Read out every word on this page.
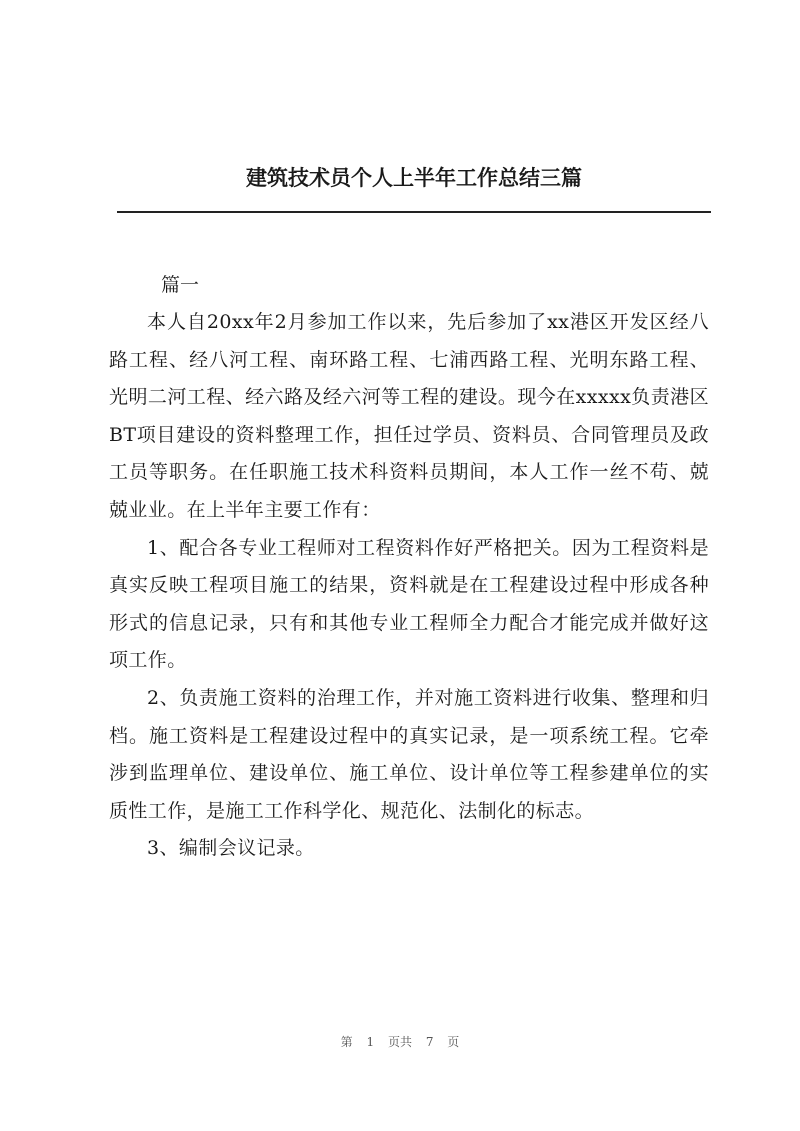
建筑技术员个人上半年工作总结三篇

篇一

本人自20xx年2月参加工作以来，先后参加了xx港区开发区经八路工程、经八河工程、南环路工程、七浦西路工程、光明东路工程、光明二河工程、经六路及经六河等工程的建设。现今在xxxxx负责港区BT项目建设的资料整理工作，担任过学员、资料员、合同管理员及政工员等职务。在任职施工技术科资料员期间，本人工作一丝不苟、兢兢业业。在上半年主要工作有：

1、配合各专业工程师对工程资料作好严格把关。因为工程资料是真实反映工程项目施工的结果，资料就是在工程建设过程中形成各种形式的信息记录，只有和其他专业工程师全力配合才能完成并做好这项工作。

2、负责施工资料的治理工作，并对施工资料进行收集、整理和归档。施工资料是工程建设过程中的真实记录，是一项系统工程。它牵涉到监理单位、建设单位、施工单位、设计单位等工程参建单位的实质性工作，是施工工作科学化、规范化、法制化的标志。

3、编制会议记录。

第 1 页共 7 页
